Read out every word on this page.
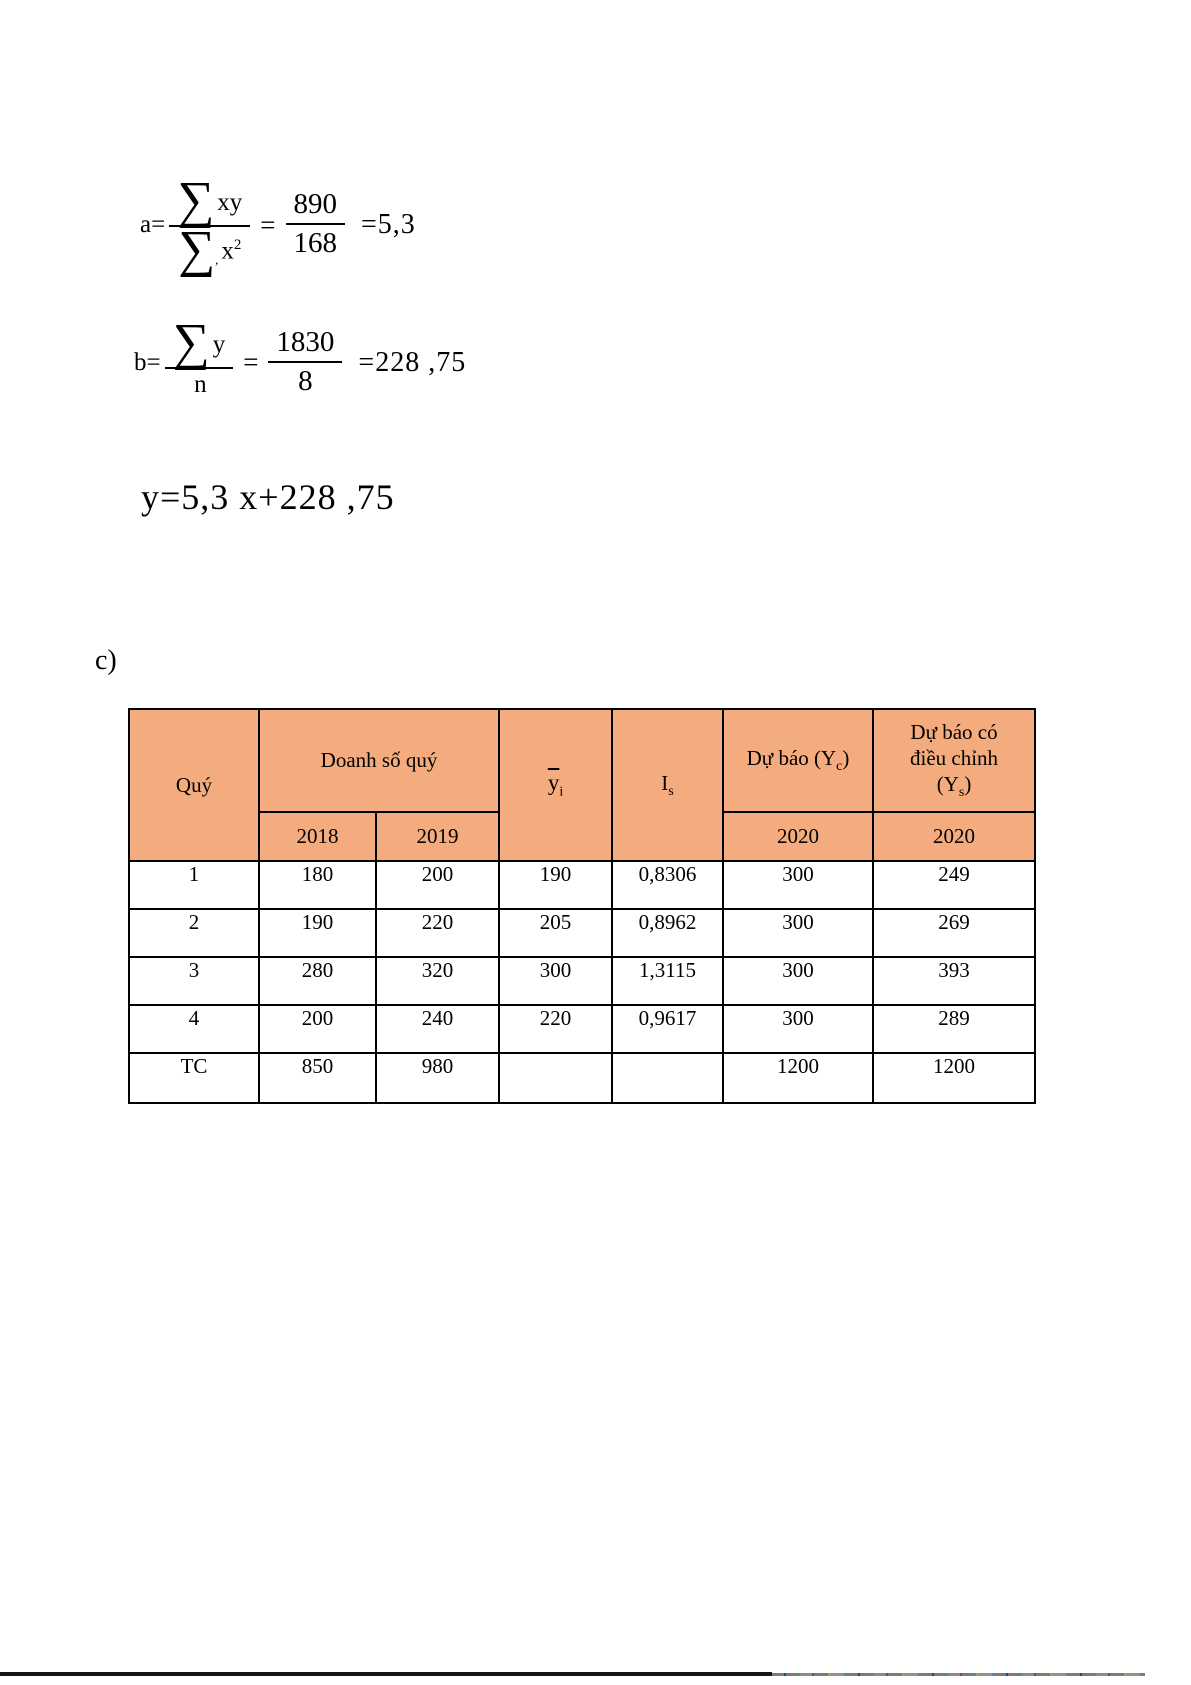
$a= \frac{\sum xy}{\sum , x^2} = \frac{890}{168} =5,3$
$b= \frac{\sum y}{n} = \frac{1830}{8} =228$ ,75
y=5,3 x+228 ,75
c)
Quý	Doanh số quý		$\overline{y}_i$	$I_s$	Dự báo $(Y_c)$	Dự báo có
điều chỉnh
$(Y_s)$

	2018	2019			2020	2020
1	180	200	190	0,8306	300	249
2	190	220	205	0,8962	300	269
3	280	320	300	1,3115	300	393
4	200	240	220	0,9617	300	289
TC	850	980			1200	1200
